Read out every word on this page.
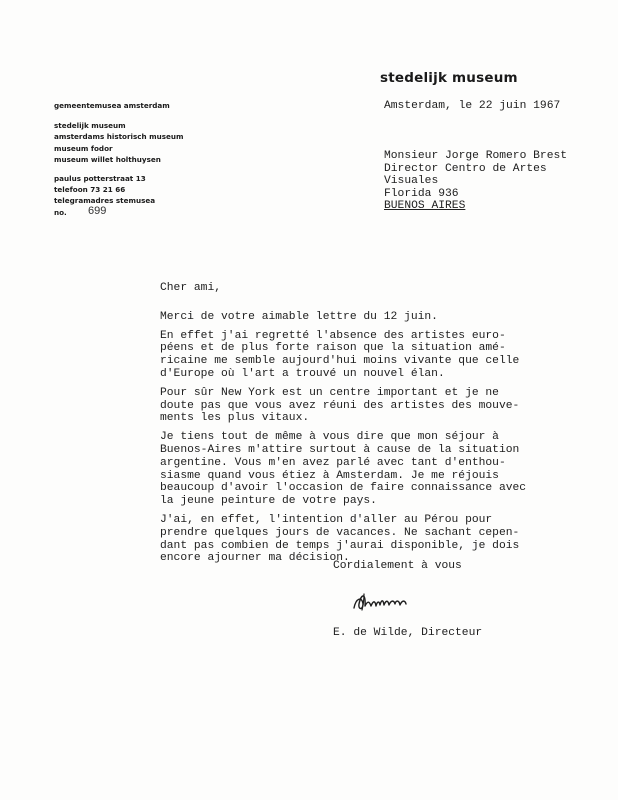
stedelijk museum
gemeentemusea amsterdam
stedelijk museum
amsterdams historisch museum
museum fodor
museum willet holthuysen
paulus potterstraat 13
telefoon 73 21 66
telegramadres stemusea
no. 699
Amsterdam, le 22 juin 1967
Monsieur Jorge Romero Brest
Director Centro de Artes
Visuales
Florida 936
BUENOS AIRES
Cher ami,
Merci de votre aimable lettre du 12 juin.
En effet j'ai regretté l'absence des artistes euro-
péens et de plus forte raison que la situation amé-
ricaine me semble aujourd'hui moins vivante que celle
d'Europe où l'art a trouvé un nouvel élan.
Pour sûr New York est un centre important et je ne
doute pas que vous avez réuni des artistes des mouve-
ments les plus vitaux.
Je tiens tout de même à vous dire que mon séjour à
Buenos-Aires m'attire surtout à cause de la situation
argentine. Vous m'en avez parlé avec tant d'enthou-
siasme quand vous étiez à Amsterdam. Je me réjouis
beaucoup d'avoir l'occasion de faire connaissance avec
la jeune peinture de votre pays.
J'ai, en effet, l'intention d'aller au Pérou pour
prendre quelques jours de vacances. Ne sachant cepen-
dant pas combien de temps j'aurai disponible, je dois
encore ajourner ma décision.
Cordialement à vous
E. de Wilde, Directeur
